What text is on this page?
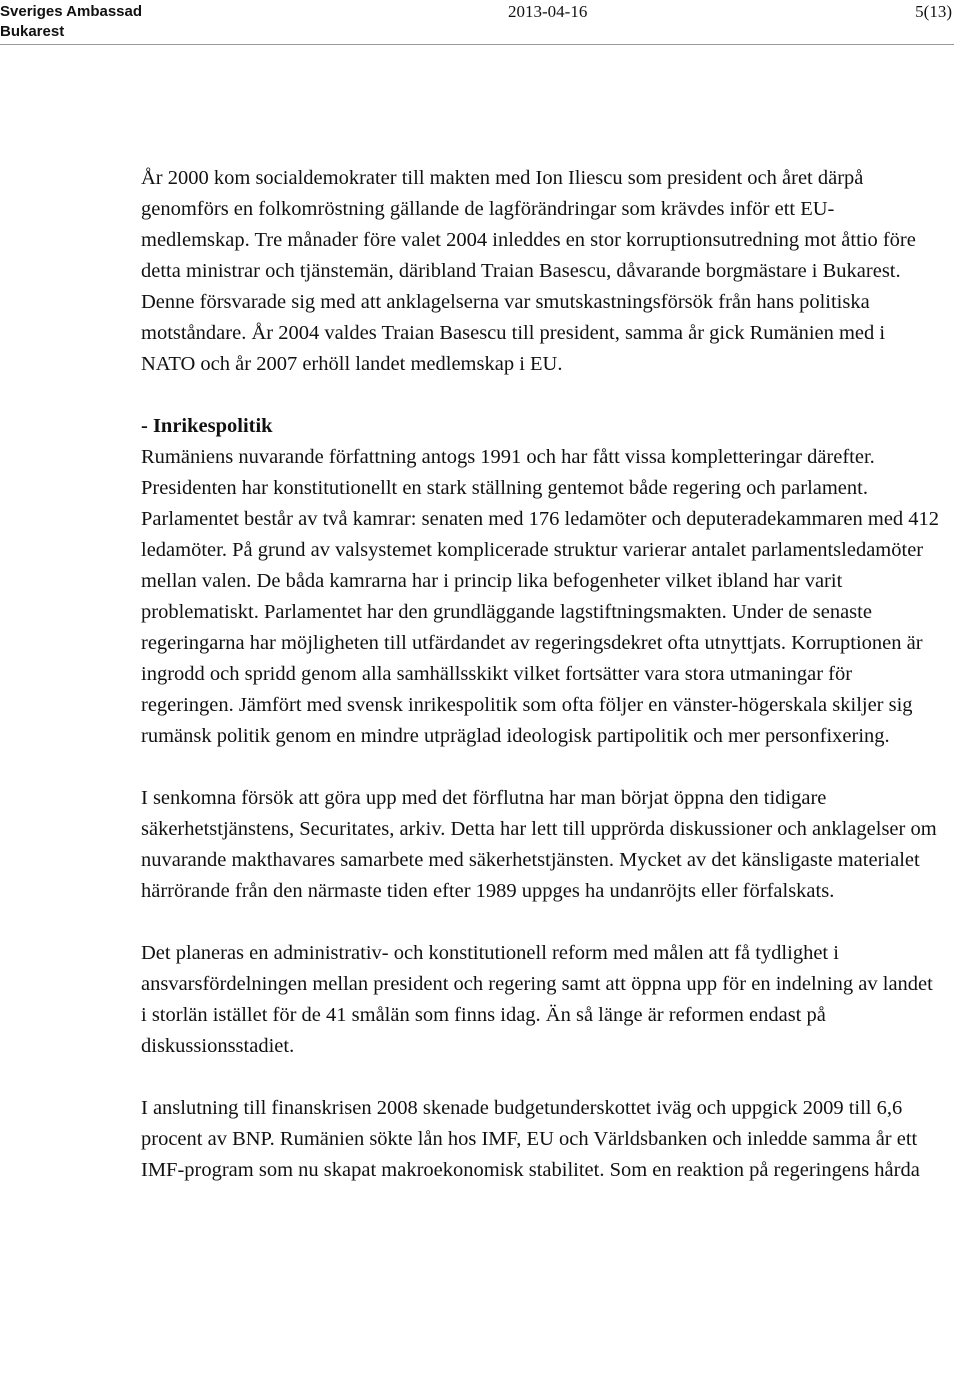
Sveriges Ambassad
Bukarest
2013-04-16	5(13)

År 2000 kom socialdemokrater till makten med Ion Iliescu som president och året därpå genomförs en folkomröstning gällande de lagförändringar som krävdes inför ett EU- medlemskap. Tre månader före valet 2004 inleddes en stor korruptionsutredning mot åttio före detta ministrar och tjänstemän, däribland Traian Basescu, dåvarande borgmästare i Bukarest. Denne försvarade sig med att anklagelserna var smutskastningsförsök från hans politiska motståndare. År 2004 valdes Traian Basescu till president, samma år gick Rumänien med i NATO och år 2007 erhöll landet medlemskap i EU.

- Inrikespolitik
Rumäniens nuvarande författning antogs 1991 och har fått vissa kompletteringar därefter. Presidenten har konstitutionellt en stark ställning gentemot både regering och parlament. Parlamentet består av två kamrar: senaten med 176 ledamöter och deputeradekammaren med 412 ledamöter. På grund av valsystemet komplicerade struktur varierar antalet parlamentsledamöter mellan valen. De båda kamrarna har i princip lika befogenheter vilket ibland har varit problematiskt. Parlamentet har den grundläggande lagstiftningsmakten. Under de senaste regeringarna har möjligheten till utfärdandet av regeringsdekret ofta utnyttjats. Korruptionen är ingrodd och spridd genom alla samhällsskikt vilket fortsätter vara stora utmaningar för regeringen. Jämfört med svensk inrikespolitik som ofta följer en vänster-högerskala skiljer sig rumänsk politik genom en mindre utpräglad ideologisk partipolitik och mer personfixering.

I senkomna försök att göra upp med det förflutna har man börjat öppna den tidigare säkerhetstjänstens, Securitates, arkiv. Detta har lett till upprörda diskussioner och anklagelser om nuvarande makthavares samarbete med säkerhetstjänsten. Mycket av det känsligaste materialet härrörande från den närmaste tiden efter 1989 uppges ha undanröjts eller förfalskats.

Det planeras en administrativ- och konstitutionell reform med målen att få tydlighet i ansvarsfördelningen mellan president och regering samt att öppna upp för en indelning av landet i storlän istället för de 41 smålän som finns idag. Än så länge är reformen endast på diskussionsstadiet.

I anslutning till finanskrisen 2008 skenade budgetunderskottet iväg och uppgick 2009 till 6,6 procent av BNP. Rumänien sökte lån hos IMF, EU och Världsbanken och inledde samma år ett IMF-program som nu skapat makroekonomisk stabilitet. Som en reaktion på regeringens hårda
